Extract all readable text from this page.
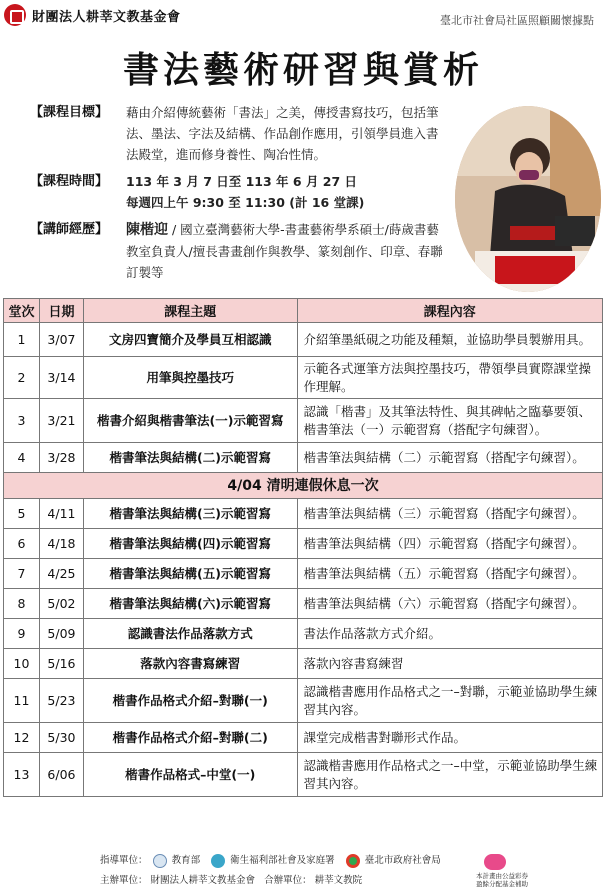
財團法人耕莘文教基金會	臺北市社會局社區照顧關懷據點
書法藝術研習與賞析
【課程目標】	藉由介紹傳統藝術「書法」之美，傳授書寫技巧，包括筆法、墨法、字法及結構、作品創作應用，引領學員進入書法殿堂，進而修身養性、陶冶性情。
【課程時間】	113 年 3 月 7 日至 113 年 6 月 27 日
每週四上午 9:30 至 11:30 (計 16 堂課)
【講師經歷】	陳楷迎 / 國立臺灣藝術大學-書畫藝術學系碩士/蒔歲書藝教室負責人/擅長書畫創作與教學、篆刻創作、印章、春聯訂製等
堂次	日期	課程主題	課程內容
1	3/07	文房四寶簡介及學員互相認識	介紹筆墨紙硯之功能及種類，並協助學員製辦用具。
2	3/14	用筆與控墨技巧	示範各式運筆方法與控墨技巧，帶領學員實際課堂操作理解。
3	3/21	楷書介紹與楷書筆法(一)示範習寫	認識「楷書」及其筆法特性、與其碑帖之臨摹要領、楷書筆法（一）示範習寫（搭配字句練習）。
4	3/28	楷書筆法與結構(二)示範習寫	楷書筆法與結構（二）示範習寫（搭配字句練習）。
4/04 清明連假休息一次			
5	4/11	楷書筆法與結構(三)示範習寫	楷書筆法與結構（三）示範習寫（搭配字句練習）。
6	4/18	楷書筆法與結構(四)示範習寫	楷書筆法與結構（四）示範習寫（搭配字句練習）。
7	4/25	楷書筆法與結構(五)示範習寫	楷書筆法與結構（五）示範習寫（搭配字句練習）。
8	5/02	楷書筆法與結構(六)示範習寫	楷書筆法與結構（六）示範習寫（搭配字句練習）。
9	5/09	認識書法作品落款方式	書法作品落款方式介紹。
10	5/16	落款內容書寫練習	落款內容書寫練習
11	5/23	楷書作品格式介紹–對聯(一)	認識楷書應用作品格式之一–對聯，示範並協助學生練習其內容。
12	5/30	楷書作品格式介紹–對聯(二)	課堂完成楷書對聯形式作品。
13	6/06	楷書作品格式–中堂(一)	認識楷書應用作品格式之一–中堂，示範並協助學生練習其內容。
指導單位：	教育部	衛生福利部社會及家庭署	臺北市政府社會局
主辦單位： 財團法人耕莘文教基金會 合辦單位： 耕莘文教院	本計畫由公益彩券
盈餘分配基金補助
